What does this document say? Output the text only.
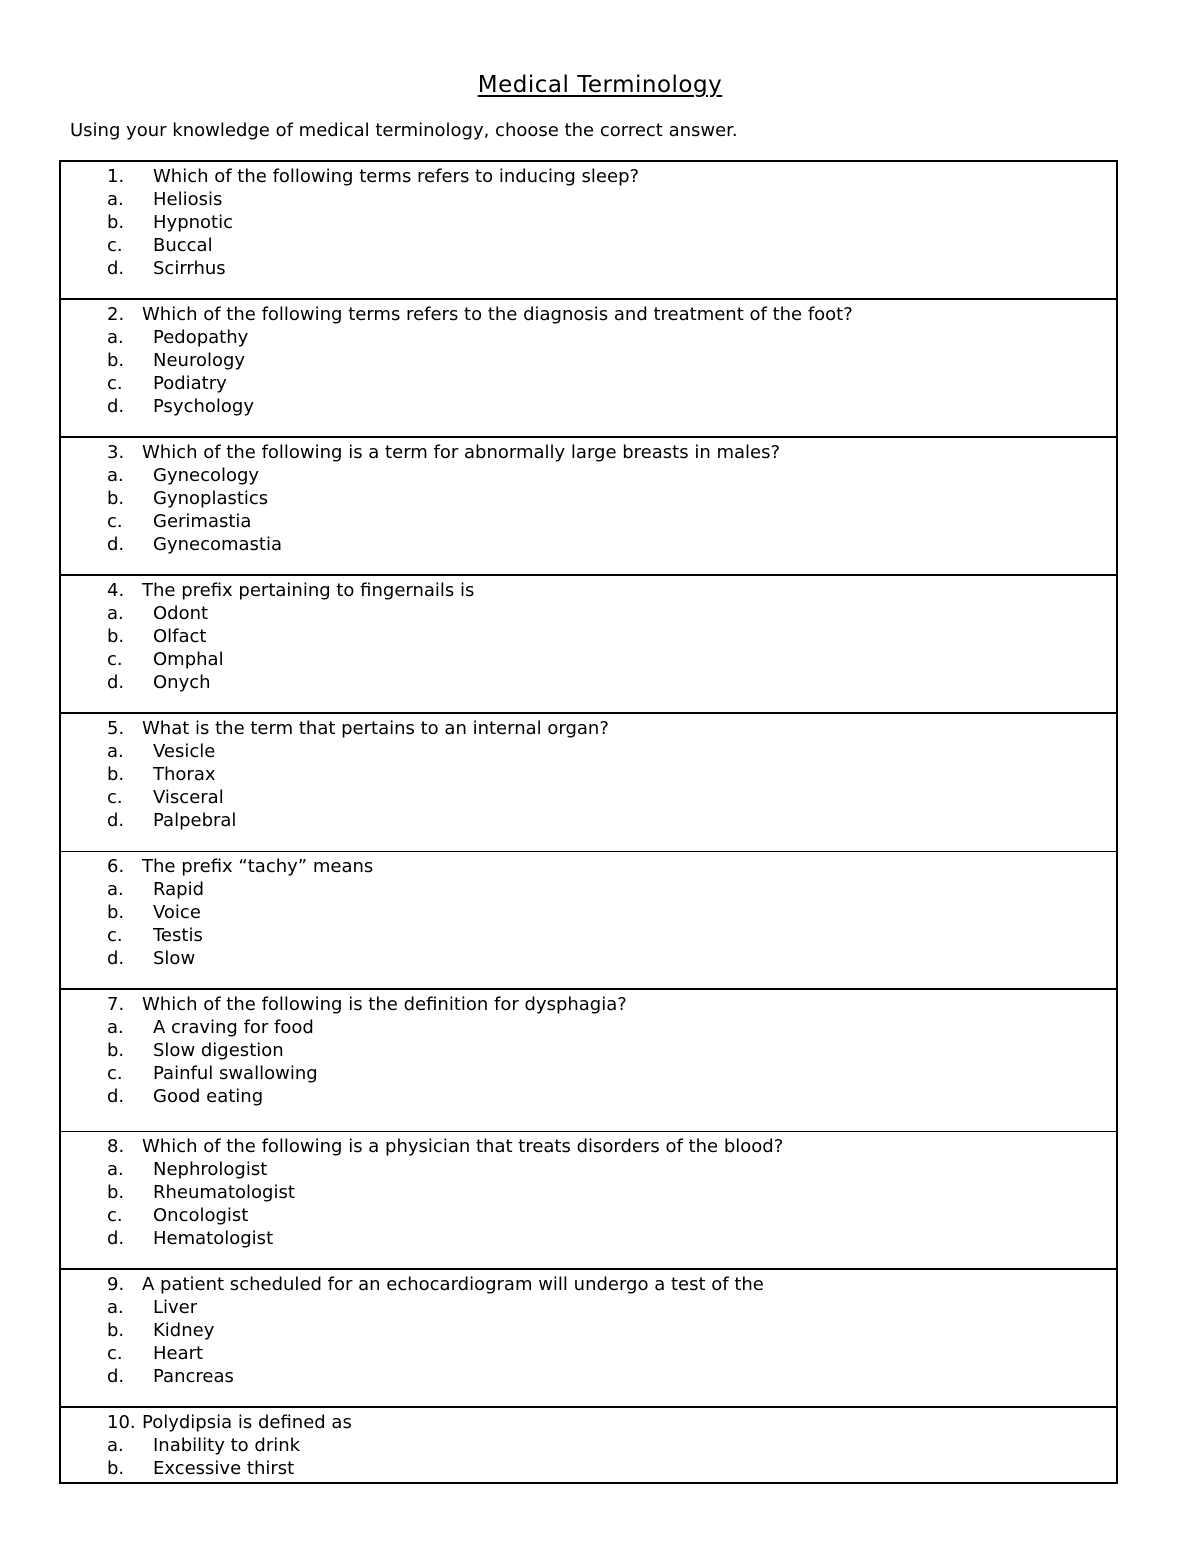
Medical Terminology
Using your knowledge of medical terminology, choose the correct answer.
1.	Which of the following terms refers to inducing sleep?
a.	Heliosis
b.	Hypnotic
c.	Buccal
d.	Scirrhus
2. Which of the following terms refers to the diagnosis and treatment of the foot?
a.	Pedopathy
b.	Neurology
c.	Podiatry
d.	Psychology
3. Which of the following is a term for abnormally large breasts in males?
a.	Gynecology
b.	Gynoplastics
c.	Gerimastia
d.	Gynecomastia
4. The prefix pertaining to fingernails is
a.	Odont
b.	Olfact
c.	Omphal
d.	Onych
5. What is the term that pertains to an internal organ?
a.	Vesicle
b.	Thorax
c.	Visceral
d.	Palpebral
6. The prefix “tachy” means
a.	Rapid
b.	Voice
c.	Testis
d.	Slow
7. Which of the following is the definition for dysphagia?
a.	A craving for food
b.	Slow digestion
c.	Painful swallowing
d.	Good eating
8. Which of the following is a physician that treats disorders of the blood?
a.	Nephrologist
b.	Rheumatologist
c.	Oncologist
d.	Hematologist
9. A patient scheduled for an echocardiogram will undergo a test of the
a.	Liver
b.	Kidney
c.	Heart
d.	Pancreas
10. Polydipsia is defined as
a.	Inability to drink
b.	Excessive thirst
